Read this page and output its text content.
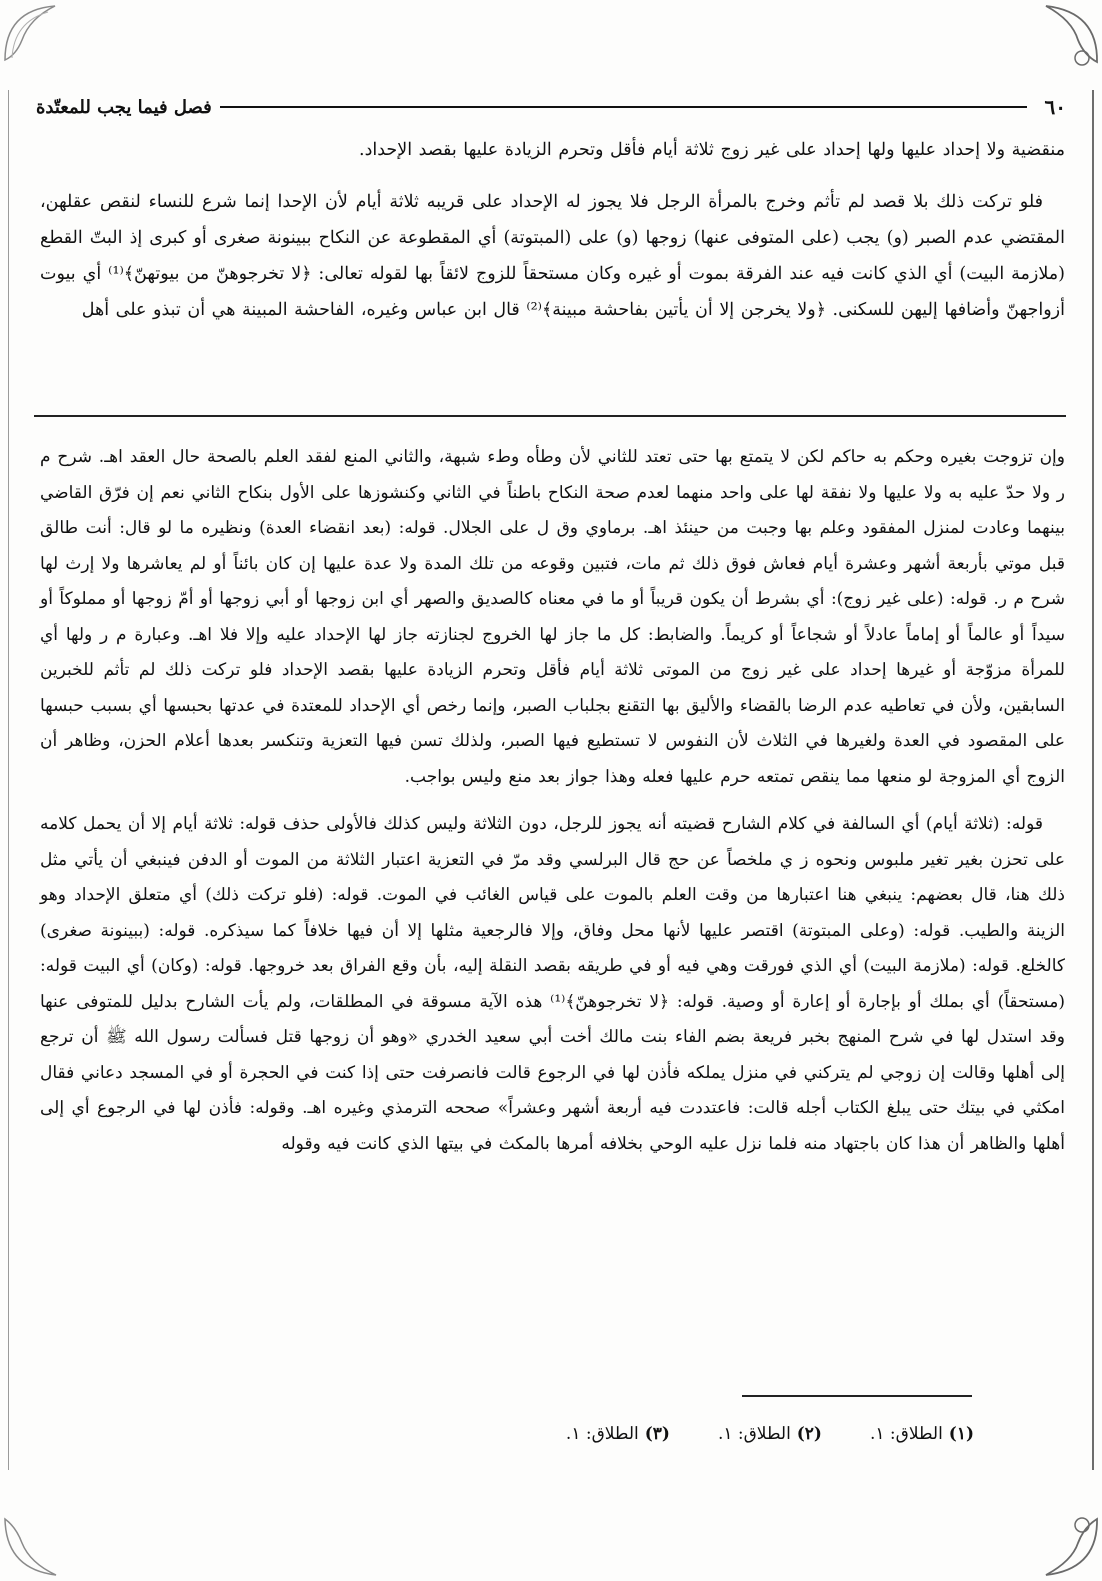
٦٠
فصل فيما يجب للمعتّدة

منقضية ولا إحداد عليها ولها إحداد على غير زوج ثلاثة أيام فأقل وتحرم الزيادة عليها بقصد الإحداد.

فلو تركت ذلك بلا قصد لم تأثم وخرج بالمرأة الرجل فلا يجوز له الإحداد على قريبه ثلاثة أيام لأن الإحدا إنما شرع للنساء لنقص عقلهن، المقتضي عدم الصبر (و) يجب (على المتوفى عنها) زوجها (و) على (المبتوتة) أي المقطوعة عن النكاح ببينونة صغرى أو كبرى إذ البتّ القطع (ملازمة البيت) أي الذي كانت فيه عند الفرقة بموت أو غيره وكان مستحقاً للزوج لائقاً بها لقوله تعالى: ﴿لا تخرجوهنّ من بيوتهنّ﴾⁽¹⁾ أي بيوت أزواجهنّ وأضافها إليهن للسكنى. ﴿ولا يخرجن إلا أن يأتين بفاحشة مبينة﴾⁽²⁾ قال ابن عباس وغيره، الفاحشة المبينة هي أن تبذو على أهل

وإن تزوجت بغيره وحكم به حاكم لكن لا يتمتع بها حتى تعتد للثاني لأن وطأه وطء شبهة، والثاني المنع لفقد العلم بالصحة حال العقد اهـ. شرح م ر ولا حدّ عليه به ولا عليها ولا نفقة لها على واحد منهما لعدم صحة النكاح باطناً في الثاني وكنشوزها على الأول بنكاح الثاني نعم إن فرّق القاضي بينهما وعادت لمنزل المفقود وعلم بها وجبت من حينئذ اهـ. برماوي وق ل على الجلال. قوله: (بعد انقضاء العدة) ونظيره ما لو قال: أنت طالق قبل موتي بأربعة أشهر وعشرة أيام فعاش فوق ذلك ثم مات، فتبين وقوعه من تلك المدة ولا عدة عليها إن كان بائناً أو لم يعاشرها ولا إرث لها شرح م ر. قوله: (على غير زوج): أي بشرط أن يكون قريباً أو ما في معناه كالصديق والصهر أي ابن زوجها أو أبي زوجها أو أمّ زوجها أو مملوكاً أو سيداً أو عالماً أو إماماً عادلاً أو شجاعاً أو كريماً. والضابط: كل ما جاز لها الخروج لجنازته جاز لها الإحداد عليه وإلا فلا اهـ. وعبارة م ر ولها أي للمرأة مزوّجة أو غيرها إحداد على غير زوج من الموتى ثلاثة أيام فأقل وتحرم الزيادة عليها بقصد الإحداد فلو تركت ذلك لم تأثم للخبرين السابقين، ولأن في تعاطيه عدم الرضا بالقضاء والأليق بها التقنع بجلباب الصبر، وإنما رخص أي الإحداد للمعتدة في عدتها بحبسها أي بسبب حبسها على المقصود في العدة ولغيرها في الثلاث لأن النفوس لا تستطيع فيها الصبر، ولذلك تسن فيها التعزية وتنكسر بعدها أعلام الحزن، وظاهر أن الزوج أي المزوجة لو منعها مما ينقص تمتعه حرم عليها فعله وهذا جواز بعد منع وليس بواجب.

قوله: (ثلاثة أيام) أي السالفة في كلام الشارح قضيته أنه يجوز للرجل، دون الثلاثة وليس كذلك فالأولى حذف قوله: ثلاثة أيام إلا أن يحمل كلامه على تحزن بغير تغير ملبوس ونحوه ز ي ملخصاً عن حج قال البرلسي وقد مرّ في التعزية اعتبار الثلاثة من الموت أو الدفن فينبغي أن يأتي مثل ذلك هنا، قال بعضهم: ينبغي هنا اعتبارها من وقت العلم بالموت على قياس الغائب في الموت. قوله: (فلو تركت ذلك) أي متعلق الإحداد وهو الزينة والطيب. قوله: (وعلى المبتوتة) اقتصر عليها لأنها محل وفاق، وإلا فالرجعية مثلها إلا أن فيها خلافاً كما سيذكره. قوله: (ببينونة صغرى) كالخلع. قوله: (ملازمة البيت) أي الذي فورقت وهي فيه أو في طريقه بقصد النقلة إليه، بأن وقع الفراق بعد خروجها. قوله: (وكان) أي البيت قوله: (مستحقاً) أي بملك أو بإجارة أو إعارة أو وصية. قوله: ﴿لا تخرجوهنّ﴾⁽¹⁾ هذه الآية مسوقة في المطلقات، ولم يأت الشارح بدليل للمتوفى عنها وقد استدل لها في شرح المنهج بخبر فريعة بضم الفاء بنت مالك أخت أبي سعيد الخدري «وهو أن زوجها قتل فسألت رسول الله ﷺ أن ترجع إلى أهلها وقالت إن زوجي لم يتركني في منزل يملكه فأذن لها في الرجوع قالت فانصرفت حتى إذا كنت في الحجرة أو في المسجد دعاني فقال امكثي في بيتك حتى يبلغ الكتاب أجله قالت: فاعتددت فيه أربعة أشهر وعشراً» صححه الترمذي وغيره اهـ. وقوله: فأذن لها في الرجوع أي إلى أهلها والظاهر أن هذا كان باجتهاد منه فلما نزل عليه الوحي بخلافه أمرها بالمكث في بيتها الذي كانت فيه وقوله

(١) الطلاق: ١.
(٢) الطلاق: ١.
(٣) الطلاق: ١.
